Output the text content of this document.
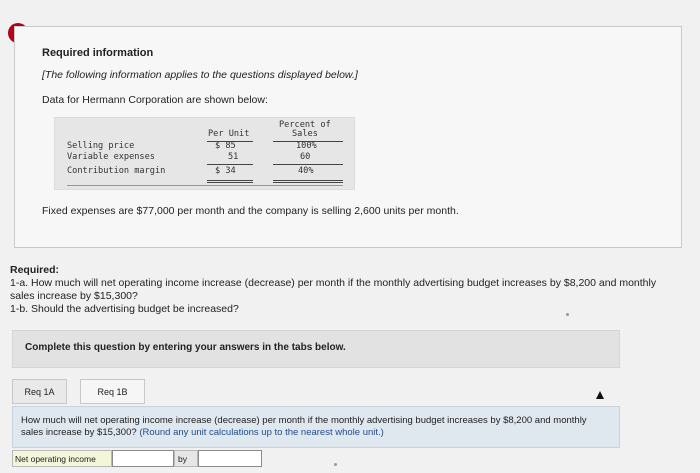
Required information
[The following information applies to the questions displayed below.]
Data for Hermann Corporation are shown below:
Percent of
Per Unit	Sales
Selling price	$ 85	100%
Variable expenses	51	60
Contribution margin	$ 34	40%
Fixed expenses are $77,000 per month and the company is selling 2,600 units per month.
Required:
1-a. How much will net operating income increase (decrease) per month if the monthly advertising budget increases by $8,200 and monthly sales increase by $15,300?
1-b. Should the advertising budget be increased?
Complete this question by entering your answers in the tabs below.
Req 1A	Req 1B
How much will net operating income increase (decrease) per month if the monthly advertising budget increases by $8,200 and monthly sales increase by $15,300? (Round any unit calculations up to the nearest whole unit.)
Net operating income	by
